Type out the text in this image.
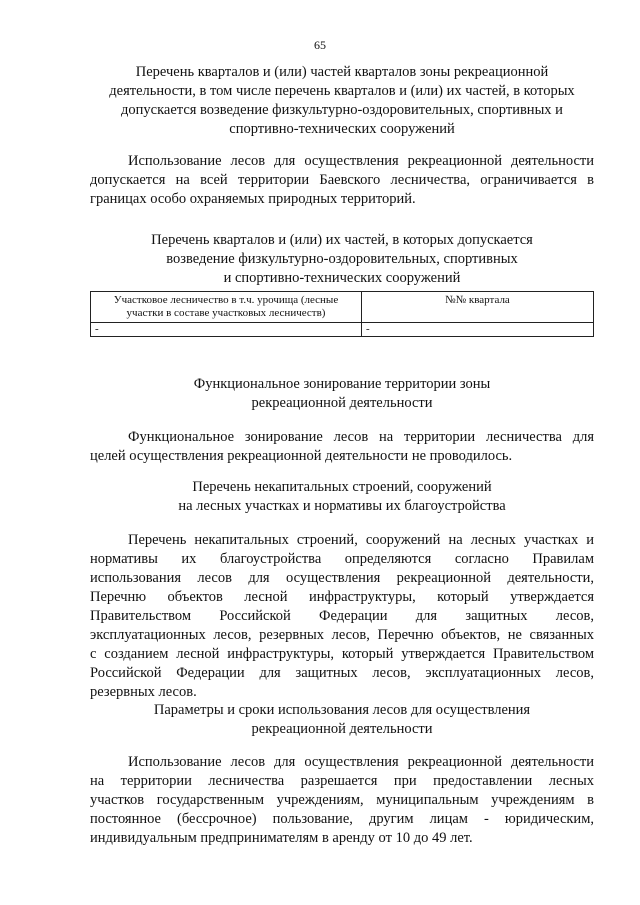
65
Перечень кварталов и (или) частей кварталов зоны рекреационной
деятельности, в том числе перечень кварталов и (или) их частей, в которых
допускается возведение физкультурно-оздоровительных, спортивных и
спортивно-технических сооружений
Использование лесов для осуществления рекреационной деятельности
допускается на всей территории Баевского лесничества, ограничивается в
границах особо охраняемых природных территорий.
Перечень кварталов и (или) их частей, в которых допускается
возведение физкультурно-оздоровительных, спортивных
и спортивно-технических сооружений
Участковое лесничество в т.ч. урочища (лесные участки в составе участковых лесничеств)	№№ квартала
-	-
Функциональное зонирование территории зоны
рекреационной деятельности
Функциональное зонирование лесов на территории лесничества для
целей осуществления рекреационной деятельности не проводилось.
Перечень некапитальных строений, сооружений
на лесных участках и нормативы их благоустройства
Перечень некапитальных строений, сооружений на лесных участках и
нормативы их благоустройства определяются согласно Правилам
использования лесов для осуществления рекреационной деятельности,
Перечню объектов лесной инфраструктуры, который утверждается
Правительством Российской Федерации для защитных лесов,
эксплуатационных лесов, резервных лесов, Перечню объектов, не связанных
с созданием лесной инфраструктуры, который утверждается Правительством
Российской Федерации для защитных лесов, эксплуатационных лесов,
резервных лесов.
Параметры и сроки использования лесов для осуществления
рекреационной деятельности
Использование лесов для осуществления рекреационной деятельности
на территории лесничества разрешается при предоставлении лесных
участков государственным учреждениям, муниципальным учреждениям в
постоянное (бессрочное) пользование, другим лицам - юридическим,
индивидуальным предпринимателям в аренду от 10 до 49 лет.
